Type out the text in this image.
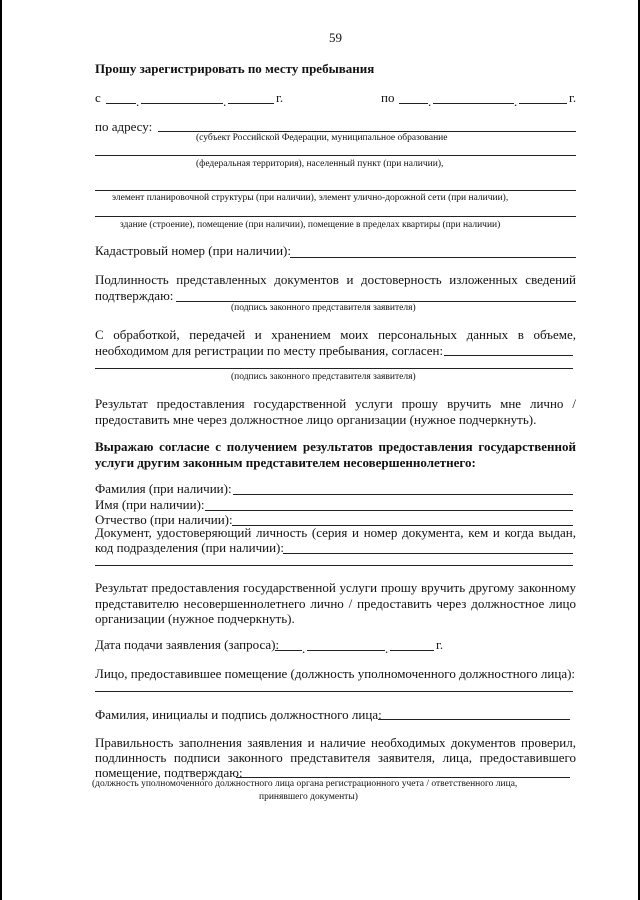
59
Прошу зарегистрировать по месту пребывания
с	.	.	г.	по	.	.	г.
по адресу:
(субъект Российской Федерации, муниципальное образование
(федеральная территория), населенный пункт (при наличии),
элемент планировочной структуры (при наличии), элемент улично-дорожной сети (при наличии),
здание (строение), помещение (при наличии), помещение в пределах квартиры (при наличии)
Кадастровый номер (при наличии):
Подлинность представленных документов и достоверность изложенных сведений
подтверждаю:
(подпись законного представителя заявителя)
С обработкой, передачей и хранением моих персональных данных в объеме,
необходимом для регистрации по месту пребывания, согласен:
(подпись законного представителя заявителя)
Результат предоставления государственной услуги прошу вручить мне лично /
предоставить мне через должностное лицо организации (нужное подчеркнуть).
Выражаю согласие с получением результатов предоставления государственной
услуги другим законным представителем несовершеннолетнего:
Фамилия (при наличии):
Имя (при наличии):
Отчество (при наличии):
Документ, удостоверяющий личность (серия и номер документа, кем и когда выдан,
код подразделения (при наличии):
Результат предоставления государственной услуги прошу вручить другому законному
представителю несовершеннолетнего лично / предоставить через должностное лицо
организации (нужное подчеркнуть).
Дата подачи заявления (запроса): .	.	г.
Лицо, предоставившее помещение (должность уполномоченного должностного лица):
Фамилия, инициалы и подпись должностного лица:
Правильность заполнения заявления и наличие необходимых документов проверил,
подлинность подписи законного представителя заявителя, лица, предоставившего
помещение, подтверждаю:
(должность уполномоченного должностного лица органа регистрационного учета / ответственного лица,
принявшего документы)
